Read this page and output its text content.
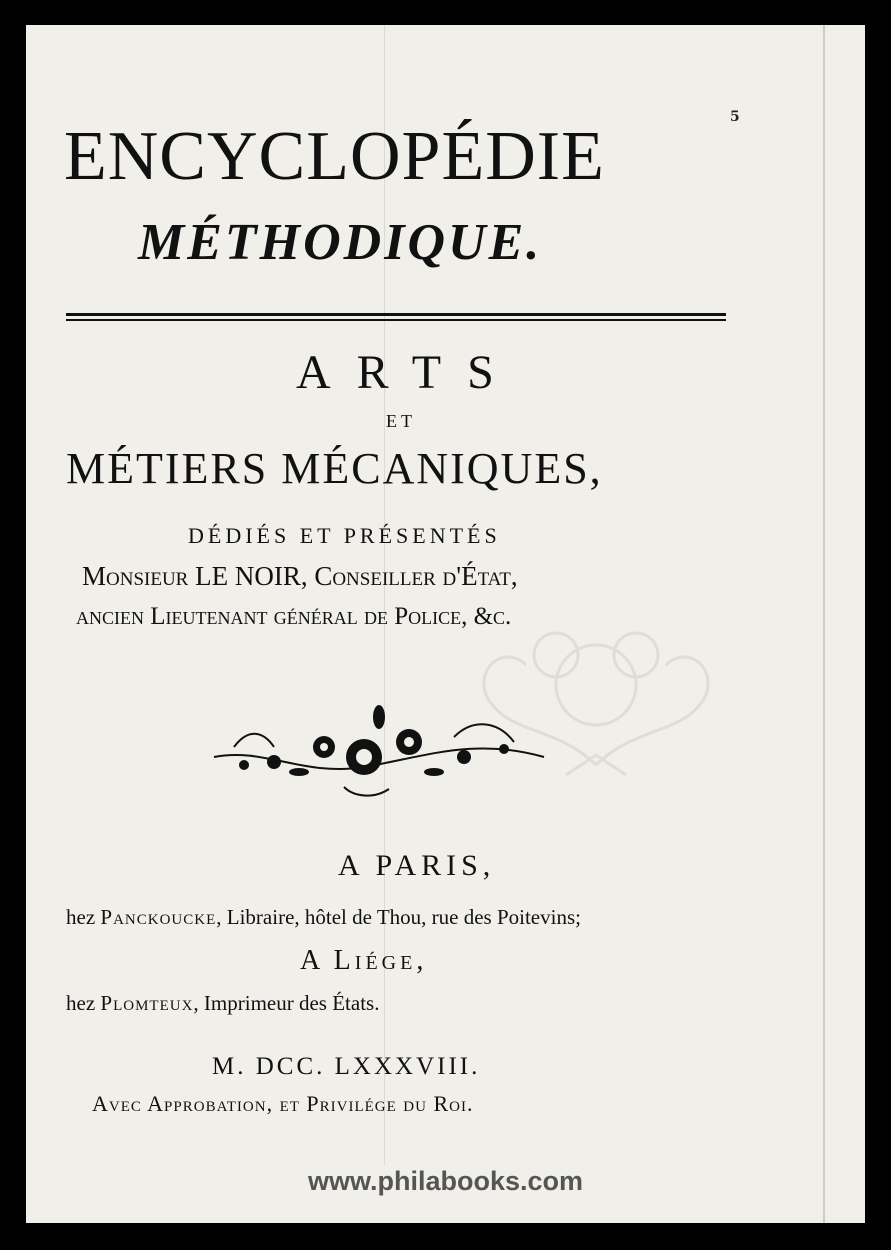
5
ENCYCLOPÉDIE
MÉTHODIQUE.
ARTS
ET
MÉTIERS MÉCANIQUES,
DÉDIÉS ET PRÉSENTÉS
Monsieur LE NOIR, Conseiller d'État,
ancien Lieutenant général de Police, &c.
A PARIS,
hez Panckoucke, Libraire, hôtel de Thou, rue des Poitevins;
A Liége,
hez Plomteux, Imprimeur des États.
M. DCC. LXXXVIII.
Avec Approbation, et Privilége du Roi.
www.philabooks.com
